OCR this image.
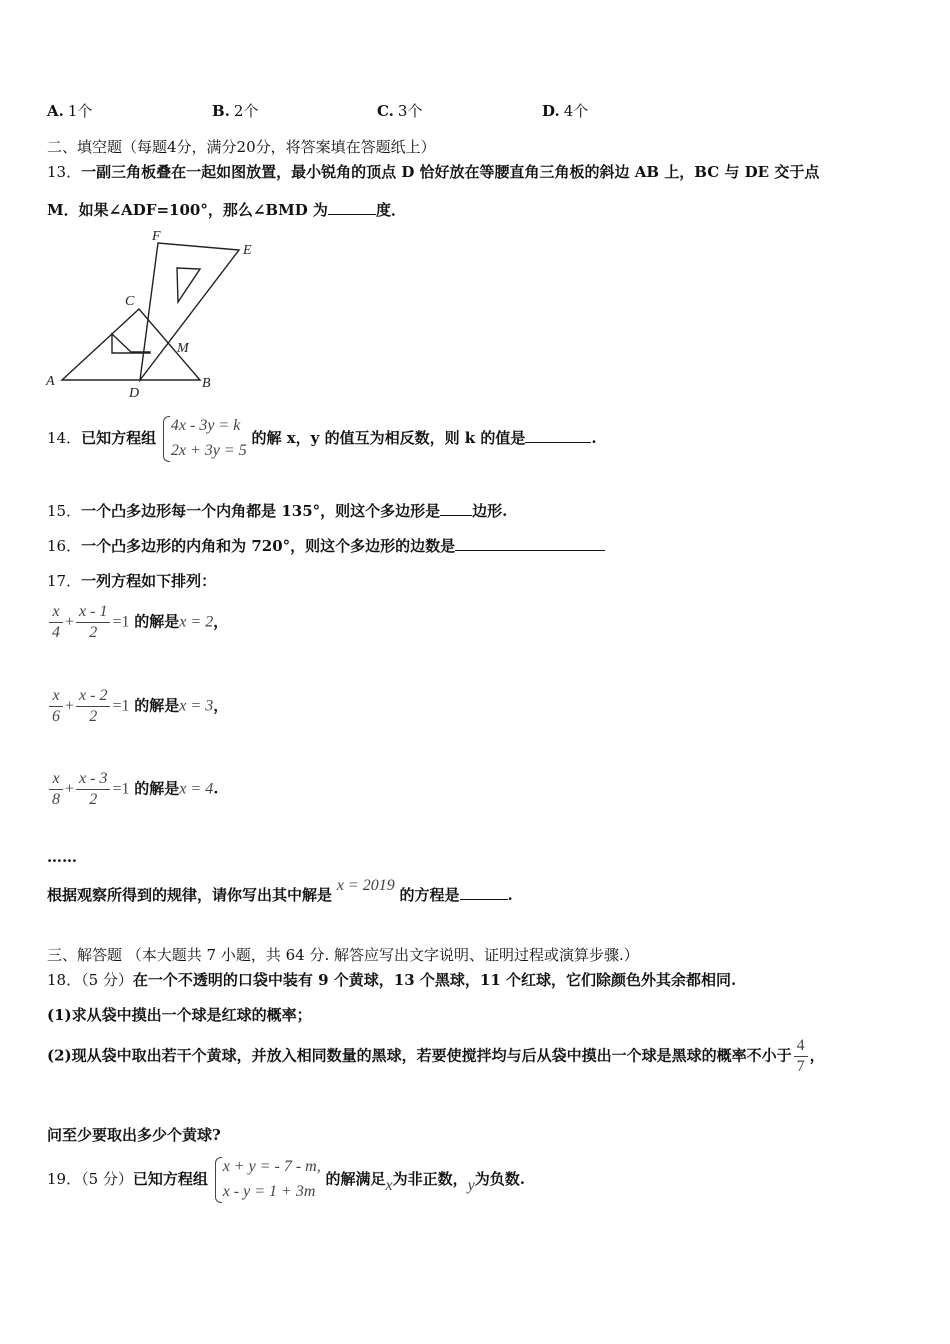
A. 1个	B. 2个	C. 3个	D. 4个
二、填空题（每题4分，满分20分，将答案填在答题纸上）
13．一副三角板叠在一起如图放置，最小锐角的顶点 D 恰好放在等腰直角三角板的斜边 AB 上，BC 与 DE 交于点
M．如果∠ADF=100°，那么∠BMD 为	度．
F
E
C
M
A
D
B
14．已知方程组
4x - 3y = k
2x + 3y = 5
的解 x，y 的值互为相反数，则 k 的值是	.
15．一个凸多边形每一个内角都是 135°，则这个多边形是 边形.
16．一个凸多边形的内角和为 720°，则这个多边形的边数是
17．一列方程如下排列：
$\frac{x}{4} + \frac{x - 1}{2} =1$ 的解是x = 2，
$\frac{x}{6} + \frac{x - 2}{2} =1$ 的解是x = 3，
$\frac{x}{8} + \frac{x - 3}{2} =1$ 的解是x = 4.
……
根据观察所得到的规律，请你写出其中解是 x = 2019 的方程是	.
三、解答题 （本大题共 7 小题，共 64 分. 解答应写出文字说明、证明过程或演算步骤.）
18．（5 分）在一个不透明的口袋中装有 9 个黄球，13 个黑球，11 个红球，它们除颜色外其余都相同.
(1)求从袋中摸出一个球是红球的概率；
(2)现从袋中取出若干个黄球，并放入相同数量的黑球，若要使搅拌均与后从袋中摸出一个球是黑球的概率不小于 $\frac{4}{7}$ ，
问至少要取出多少个黄球?
19．（5 分）已知方程组
x + y = - 7 - m,
x - y = 1 + 3m
的解满足x为非正数，y为负数.
